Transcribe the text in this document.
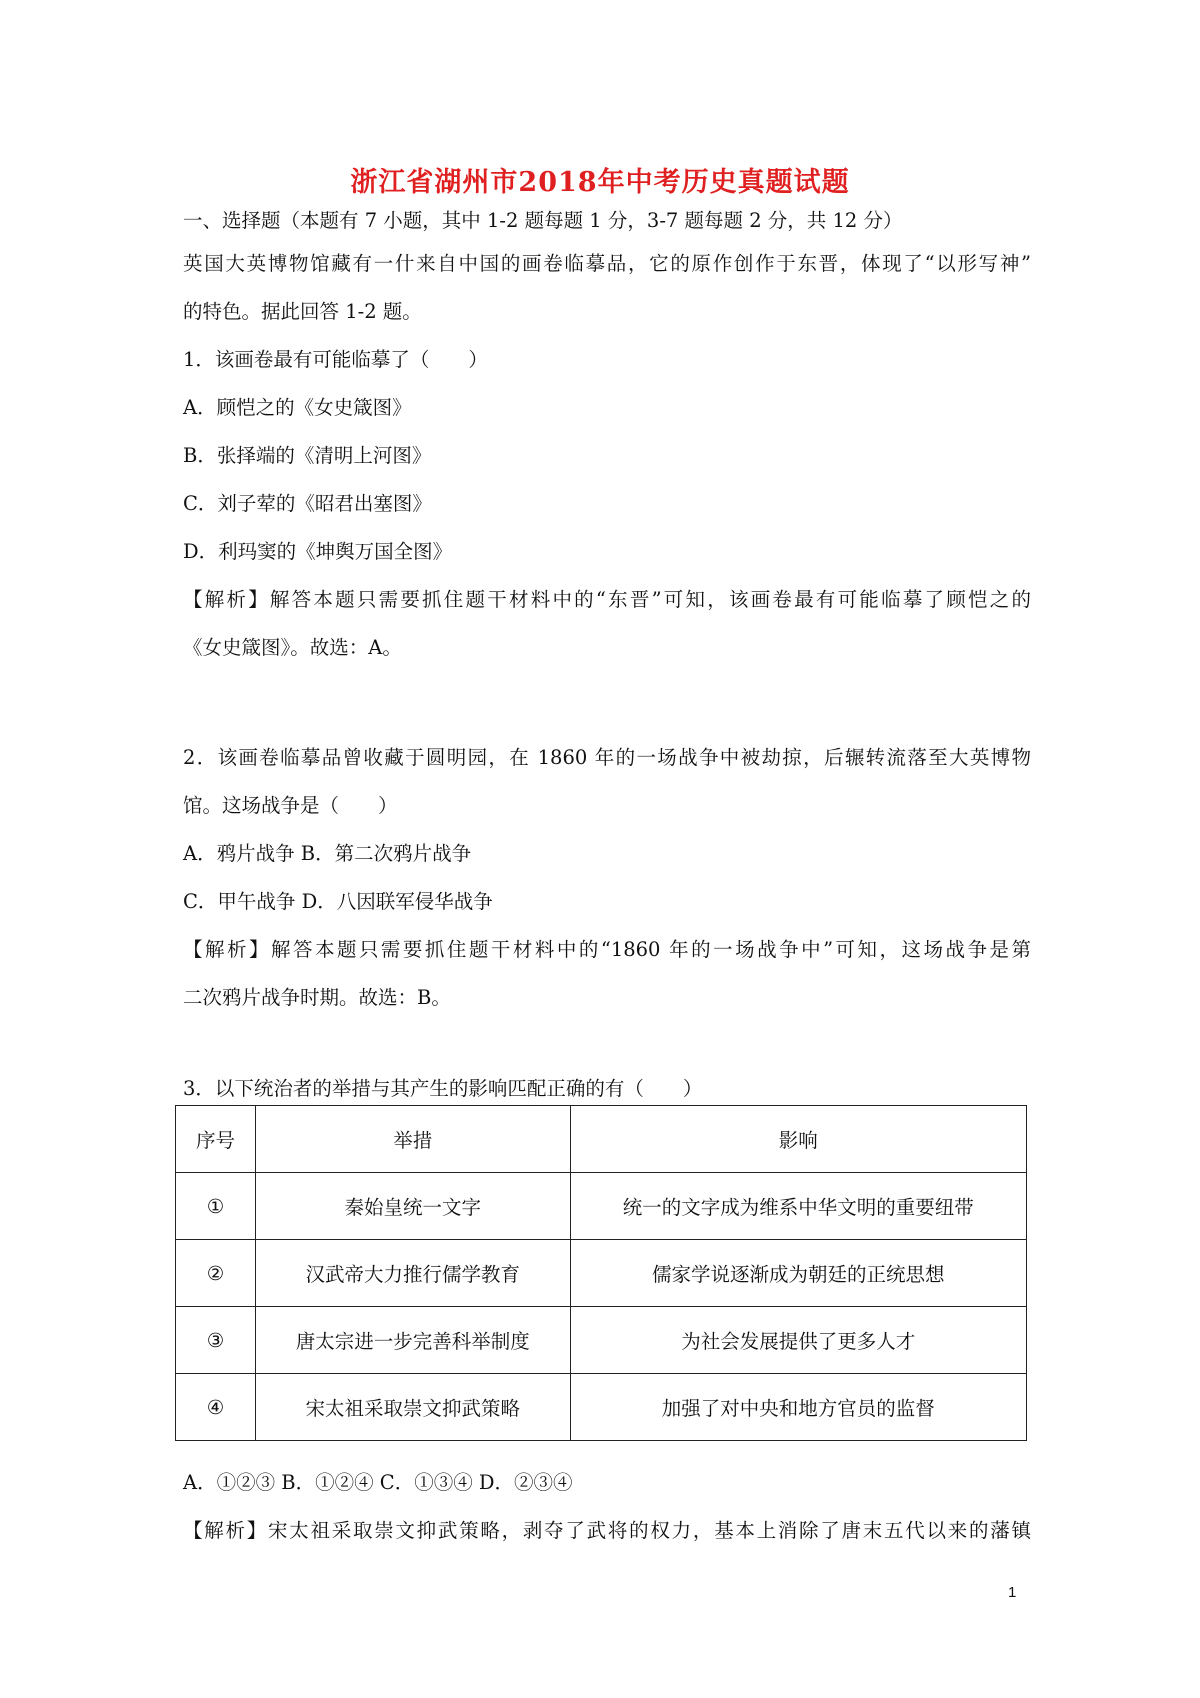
浙江省湖州市2018年中考历史真题试题
一、选择题（本题有 7 小题，其中 1-2 题每题 1 分，3-7 题每题 2 分，共 12 分）
英国大英博物馆藏有一什来自中国的画卷临摹品，它的原作创作于东晋，体现了“以形写神”
的特色。据此回答 1-2 题。
1．该画卷最有可能临摹了（　　）
A．顾恺之的《女史箴图》
B．张择端的《清明上河图》
C．刘子荤的《昭君出塞图》
D．利玛窦的《坤舆万国全图》
【解析】解答本题只需要抓住题干材料中的“东晋”可知，该画卷最有可能临摹了顾恺之的
《女史箴图》。故选：A。
2．该画卷临摹品曾收藏于圆明园，在 1860 年的一场战争中被劫掠，后辗转流落至大英博物
馆。这场战争是（　　）
A．鸦片战争 B．第二次鸦片战争
C．甲午战争 D．八因联军侵华战争
【解析】解答本题只需要抓住题干材料中的“1860 年的一场战争中”可知，这场战争是第
二次鸦片战争时期。故选：B。
3．以下统治者的举措与其产生的影响匹配正确的有（　　）
序号	举措	影响
①	秦始皇统一文字	统一的文字成为维系中华文明的重要纽带
②	汉武帝大力推行儒学教育	儒家学说逐渐成为朝廷的正统思想
③	唐太宗进一步完善科举制度	为社会发展提供了更多人才
④	宋太祖采取崇文抑武策略	加强了对中央和地方官员的监督
A．①②③ B．①②④ C．①③④ D．②③④
【解析】宋太祖采取崇文抑武策略，剥夺了武将的权力，基本上消除了唐末五代以来的藩镇
1
